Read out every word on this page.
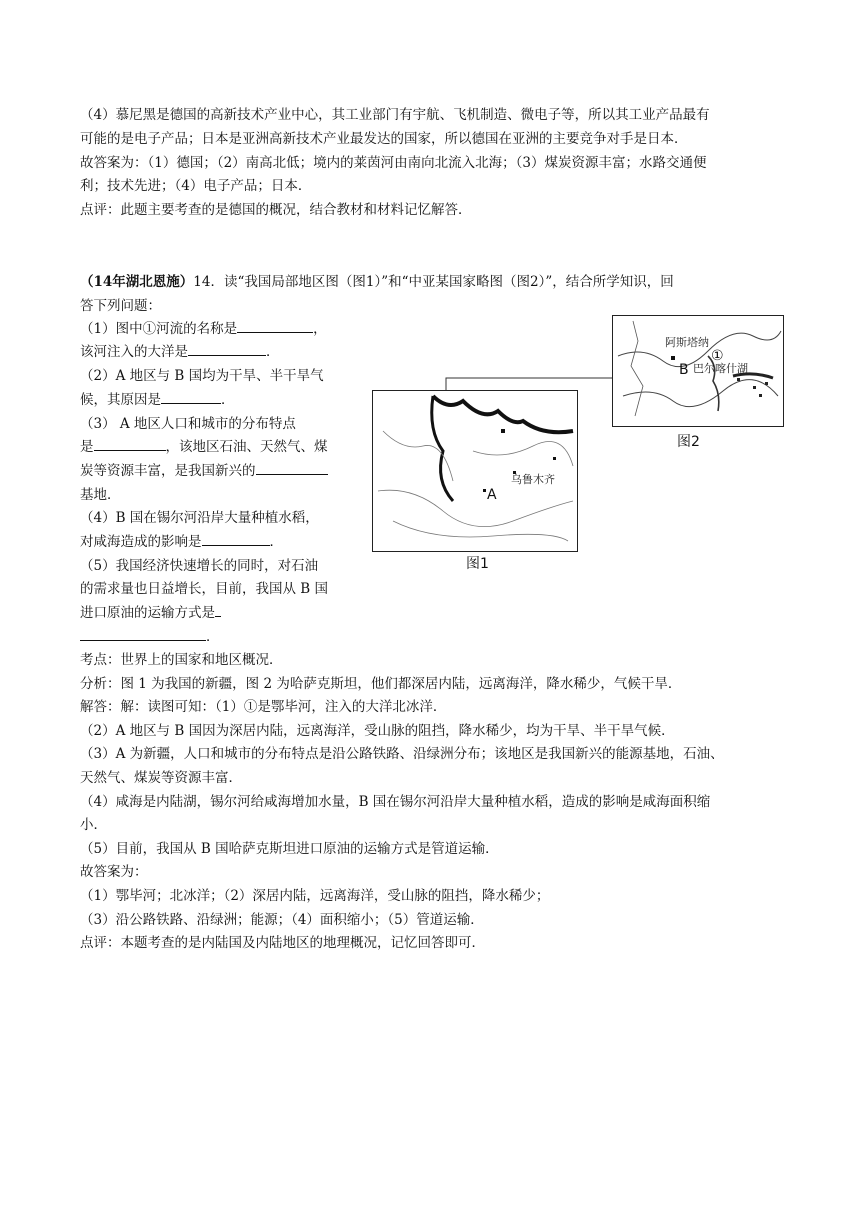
（4）慕尼黑是德国的高新技术产业中心，其工业部门有宇航、飞机制造、微电子等，所以其工业产品最有
可能的是电子产品；日本是亚洲高新技术产业最发达的国家，所以德国在亚洲的主要竞争对手是日本．
故答案为：（1）德国；（2）南高北低；境内的莱茵河由南向北流入北海；（3）煤炭资源丰富；水路交通便
利；技术先进；（4）电子产品；日本．
点评：此题主要考查的是德国的概况，结合教材和材料记忆解答．
（14年湖北恩施）14．读“我国局部地区图（图1）”和“中亚某国家略图（图2）”，结合所学知识，回
答下列问题：
（1）图中①河流的名称是	，
该河注入的大洋是	．
（2）A 地区与 B 国均为干旱、半干旱气
候，其原因是	．
（3） A 地区人口和城市的分布特点
是	，该地区石油、天然气、煤
炭等资源丰富，是我国新兴的
基地．
（4）B 国在锡尔河沿岸大量种植水稻，
对咸海造成的影响是	．
（5）我国经济快速增长的同时，对石油
的需求量也日益增长，目前，我国从 B 国
进口原油的运输方式是
．
阿斯塔纳
①
B 巴尔喀什湖
图2
乌鲁木齐
A
图1
考点：世界上的国家和地区概况．
分析：图 1 为我国的新疆，图 2 为哈萨克斯坦，他们都深居内陆，远离海洋，降水稀少，气候干旱．
解答：解：读图可知：（1）①是鄂毕河，注入的大洋北冰洋．
（2）A 地区与 B 国因为深居内陆，远离海洋，受山脉的阻挡，降水稀少，均为干旱、半干旱气候．
（3）A 为新疆，人口和城市的分布特点是沿公路铁路、沿绿洲分布；该地区是我国新兴的能源基地，石油、
天然气、煤炭等资源丰富．
（4）咸海是内陆湖，锡尔河给咸海增加水量，B 国在锡尔河沿岸大量种植水稻，造成的影响是咸海面积缩
小．
（5）目前，我国从 B 国哈萨克斯坦进口原油的运输方式是管道运输．
故答案为：
（1）鄂毕河；北冰洋；（2）深居内陆，远离海洋，受山脉的阻挡，降水稀少；
（3）沿公路铁路、沿绿洲；能源；（4）面积缩小；（5）管道运输．
点评：本题考查的是内陆国及内陆地区的地理概况，记忆回答即可．
